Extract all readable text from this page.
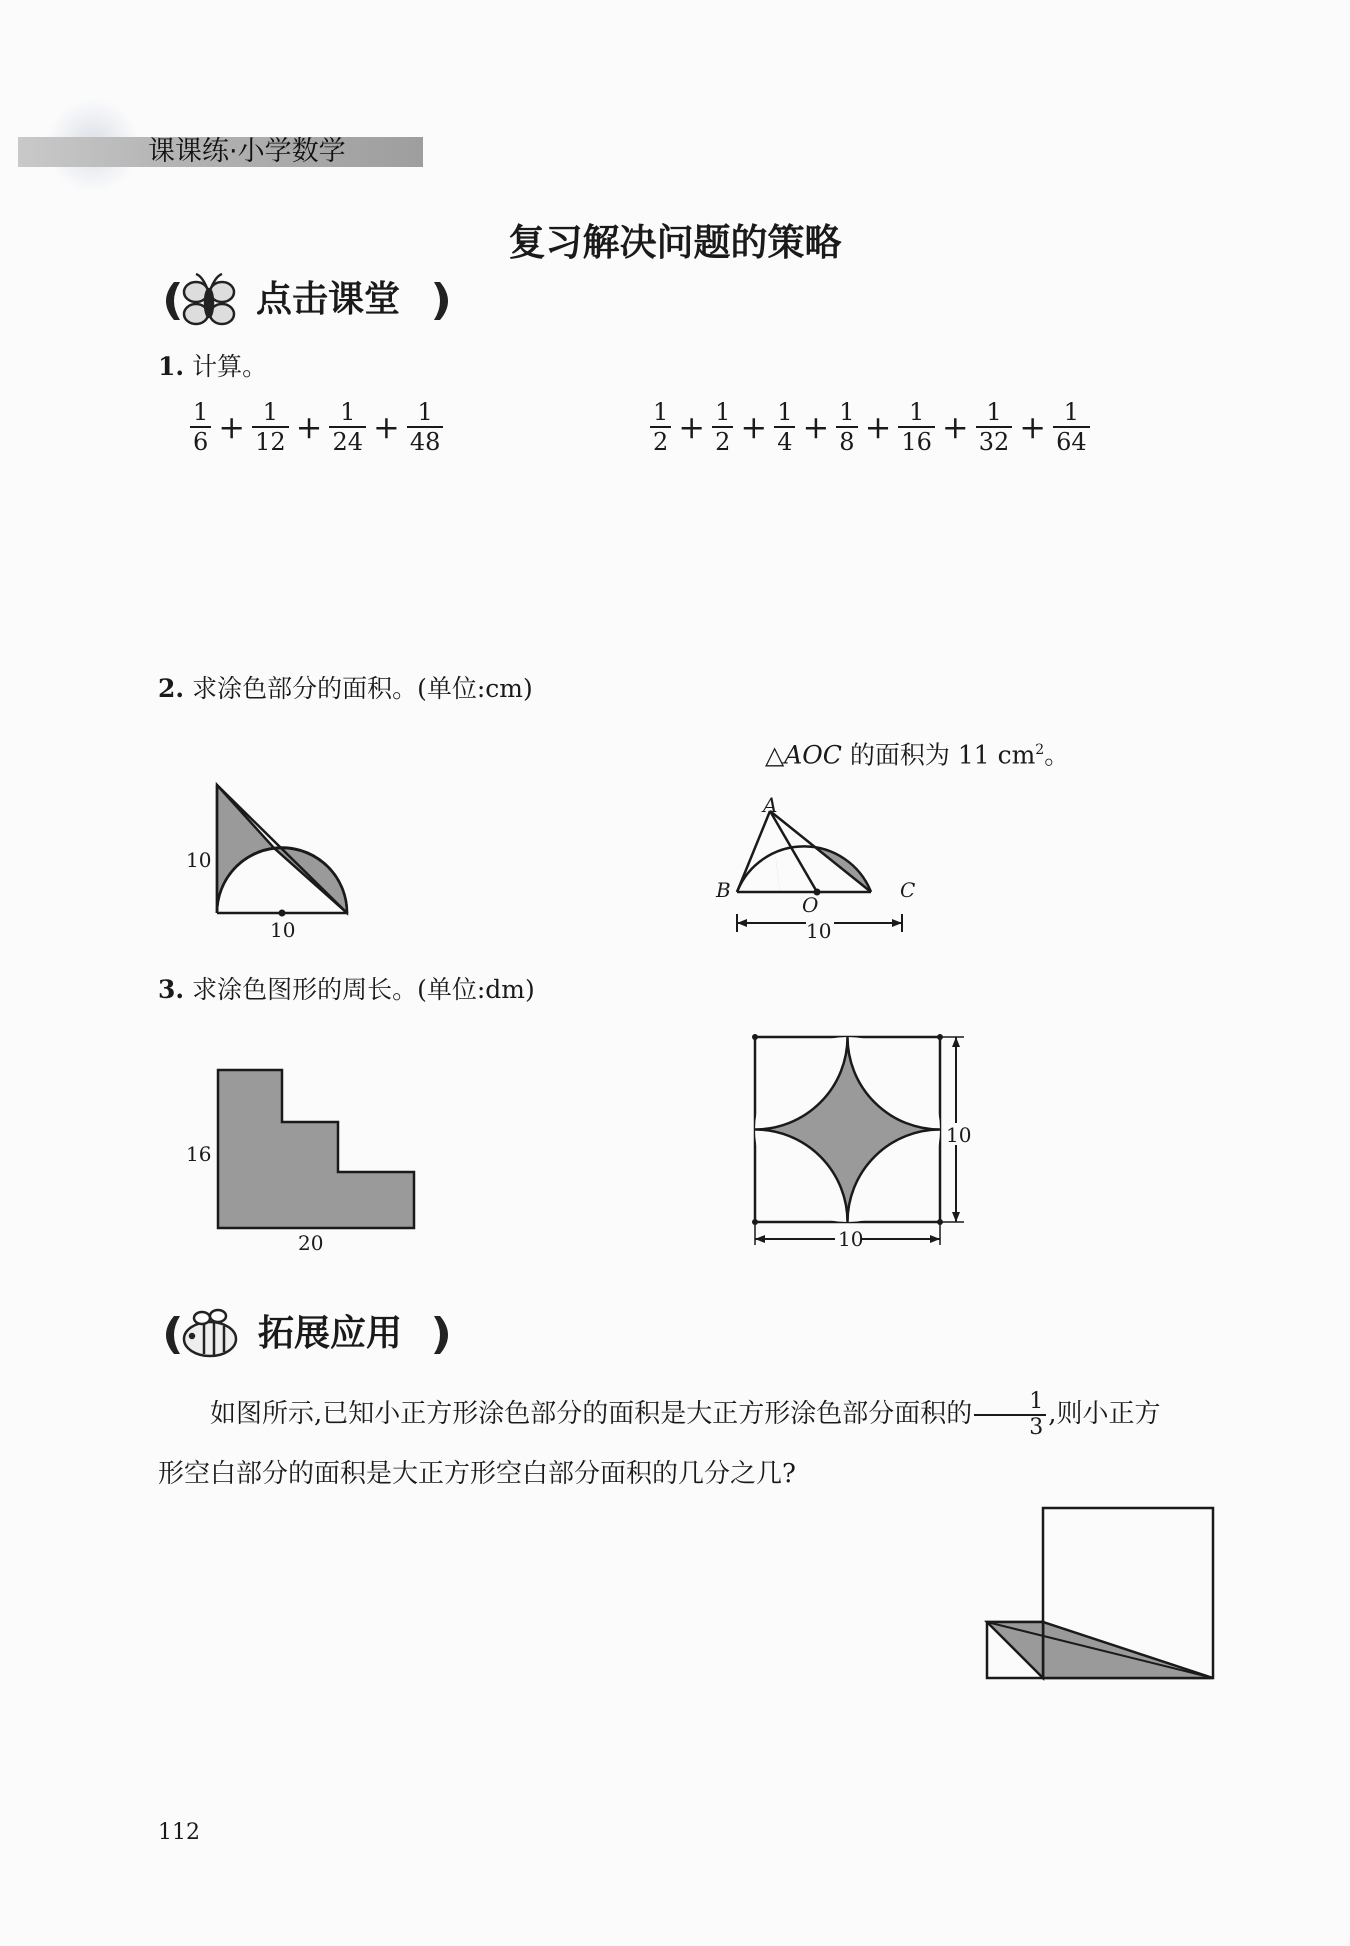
课课练·小学数学
复习解决问题的策略
点击课堂
1. 计算。
$\frac{1}{6} + \frac{1}{12} + \frac{1}{24} + \frac{1}{48}$	$\frac{1}{2} + \frac{1}{2} + \frac{1}{4} + \frac{1}{8} + \frac{1}{16} + \frac{1}{32} + \frac{1}{64}$
2. 求涂色部分的面积。(单位:cm)
10
10
△AOC 的面积为 11 $cm^2$。
A
B	C
O
10
3. 求涂色图形的周长。(单位:dm)
16
20
10
10
拓展应用
如图所示,已知小正方形涂色部分的面积是大正方形涂色部分面积的 $\frac{1}{3}$ ,则小正方
形空白部分的面积是大正方形空白部分面积的几分之几?
112
